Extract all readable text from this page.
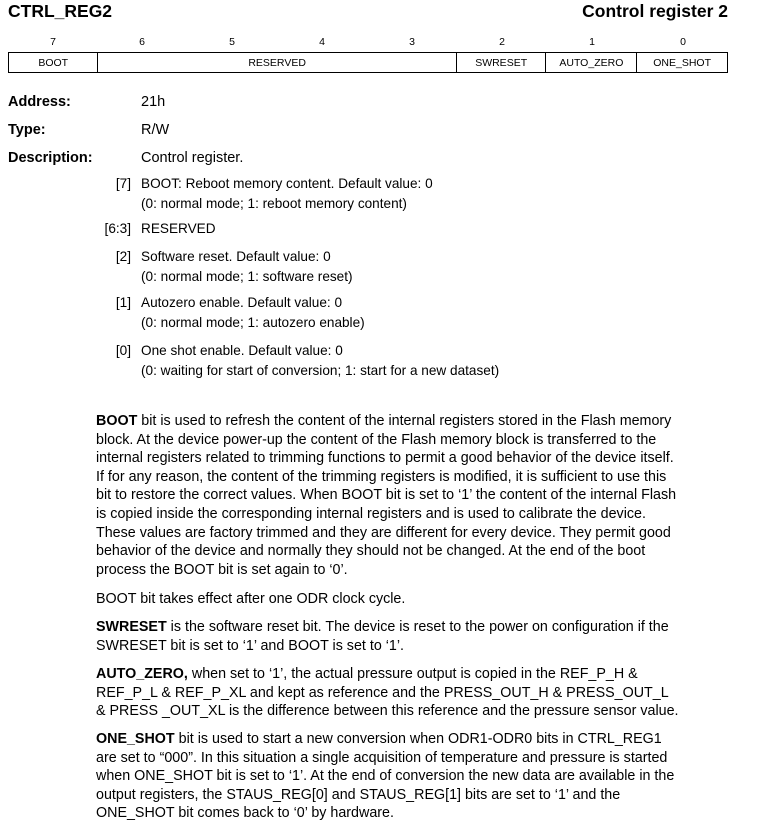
CTRL_REG2	Control register 2
7	6	5	4	3	2	1	0
BOOT	RESERVED	SWRESET	AUTO_ZERO	ONE_SHOT
Address:	21h
Type:	R/W
Description:	Control register.
[7] BOOT: Reboot memory content. Default value: 0
(0: normal mode; 1: reboot memory content)
[6:3] RESERVED
[2] Software reset. Default value: 0
(0: normal mode; 1: software reset)
[1] Autozero enable. Default value: 0
(0: normal mode; 1: autozero enable)
[0] One shot enable. Default value: 0
(0: waiting for start of conversion; 1: start for a new dataset)
BOOT bit is used to refresh the content of the internal registers stored in the Flash memory
block. At the device power-up the content of the Flash memory block is transferred to the
internal registers related to trimming functions to permit a good behavior of the device itself.
If for any reason, the content of the trimming registers is modified, it is sufficient to use this
bit to restore the correct values. When BOOT bit is set to ‘1’ the content of the internal Flash
is copied inside the corresponding internal registers and is used to calibrate the device.
These values are factory trimmed and they are different for every device. They permit good
behavior of the device and normally they should not be changed. At the end of the boot
process the BOOT bit is set again to ‘0’.
BOOT bit takes effect after one ODR clock cycle.
SWRESET is the software reset bit. The device is reset to the power on configuration if the
SWRESET bit is set to ‘1’ and BOOT is set to ‘1’.
AUTO_ZERO, when set to ‘1’, the actual pressure output is copied in the REF_P_H &
REF_P_L & REF_P_XL and kept as reference and the PRESS_OUT_H & PRESS_OUT_L
& PRESS _OUT_XL is the difference between this reference and the pressure sensor value.
ONE_SHOT bit is used to start a new conversion when ODR1-ODR0 bits in CTRL_REG1
are set to “000”. In this situation a single acquisition of temperature and pressure is started
when ONE_SHOT bit is set to ‘1’. At the end of conversion the new data are available in the
output registers, the STAUS_REG[0] and STAUS_REG[1] bits are set to ‘1’ and the
ONE_SHOT bit comes back to ‘0’ by hardware.
